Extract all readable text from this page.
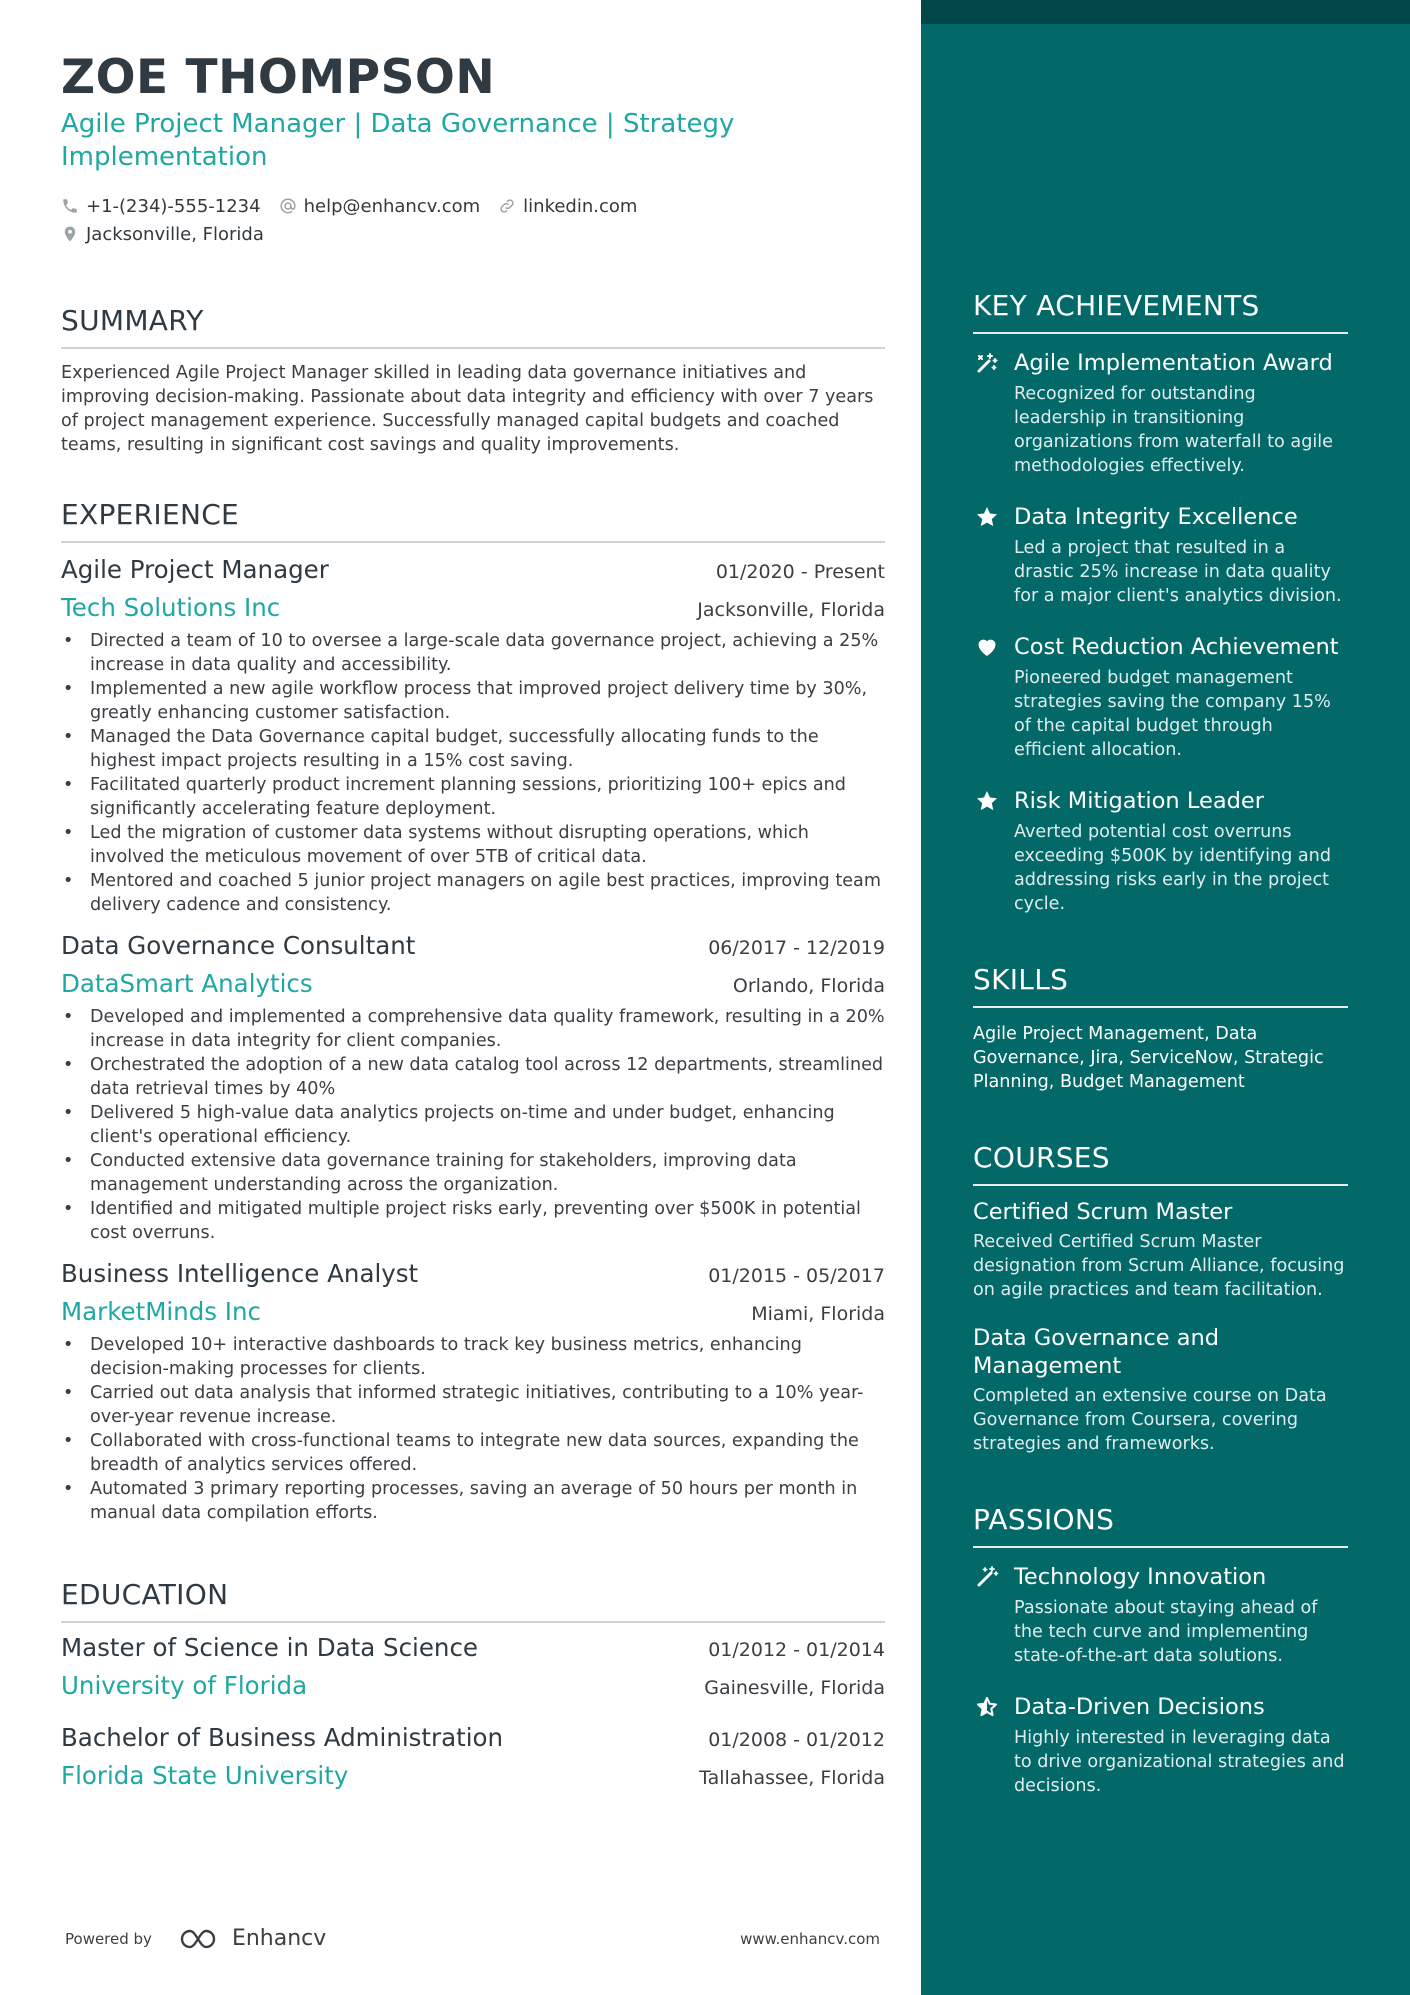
ZOE THOMPSON
Agile Project Manager | Data Governance | Strategy Implementation
+1-(234)-555-1234 help@enhancv.com linkedin.com
Jacksonville, Florida
SUMMARY

Experienced Agile Project Manager skilled in leading data governance initiatives and improving decision-making. Passionate about data integrity and efficiency with over 7 years of project management experience. Successfully managed capital budgets and coached teams, resulting in significant cost savings and quality improvements.

EXPERIENCE
Agile Project Manager	01/2020 - Present
Tech Solutions Inc	Jacksonville, Florida
• Directed a team of 10 to oversee a large-scale data governance project, achieving a 25% increase in data quality and accessibility.
• Implemented a new agile workflow process that improved project delivery time by 30%, greatly enhancing customer satisfaction.
• Managed the Data Governance capital budget, successfully allocating funds to the highest impact projects resulting in a 15% cost saving.
• Facilitated quarterly product increment planning sessions, prioritizing 100+ epics and significantly accelerating feature deployment.
• Led the migration of customer data systems without disrupting operations, which involved the meticulous movement of over 5TB of critical data.
• Mentored and coached 5 junior project managers on agile best practices, improving team delivery cadence and consistency.
Data Governance Consultant	06/2017 - 12/2019
DataSmart Analytics	Orlando, Florida
• Developed and implemented a comprehensive data quality framework, resulting in a 20% increase in data integrity for client companies.
• Orchestrated the adoption of a new data catalog tool across 12 departments, streamlined data retrieval times by 40%
• Delivered 5 high-value data analytics projects on-time and under budget, enhancing client's operational efficiency.
• Conducted extensive data governance training for stakeholders, improving data management understanding across the organization.
• Identified and mitigated multiple project risks early, preventing over $500K in potential cost overruns.
Business Intelligence Analyst	01/2015 - 05/2017
MarketMinds Inc	Miami, Florida
• Developed 10+ interactive dashboards to track key business metrics, enhancing decision-making processes for clients.
• Carried out data analysis that informed strategic initiatives, contributing to a 10% year-over-year revenue increase.
• Collaborated with cross-functional teams to integrate new data sources, expanding the breadth of analytics services offered.
• Automated 3 primary reporting processes, saving an average of 50 hours per month in manual data compilation efforts.
EDUCATION
Master of Science in Data Science	01/2012 - 01/2014
University of Florida	Gainesville, Florida
Bachelor of Business Administration	01/2008 - 01/2012
Florida State University	Tallahassee, Florida
Powered by	Enhancv	www.enhancv.com
KEY ACHIEVEMENTS
Agile Implementation Award
Recognized for outstanding leadership in transitioning organizations from waterfall to agile methodologies effectively.
Data Integrity Excellence
Led a project that resulted in a drastic 25% increase in data quality for a major client's analytics division.
Cost Reduction Achievement
Pioneered budget management strategies saving the company 15% of the capital budget through efficient allocation.
Risk Mitigation Leader
Averted potential cost overruns exceeding $500K by identifying and addressing risks early in the project cycle.
SKILLS
Agile Project Management, Data Governance, Jira, ServiceNow, Strategic Planning, Budget Management
COURSES
Certified Scrum Master
Received Certified Scrum Master designation from Scrum Alliance, focusing on agile practices and team facilitation.
Data Governance and Management
Completed an extensive course on Data Governance from Coursera, covering strategies and frameworks.
PASSIONS
Technology Innovation
Passionate about staying ahead of the tech curve and implementing state-of-the-art data solutions.
Data-Driven Decisions
Highly interested in leveraging data to drive organizational strategies and decisions.
